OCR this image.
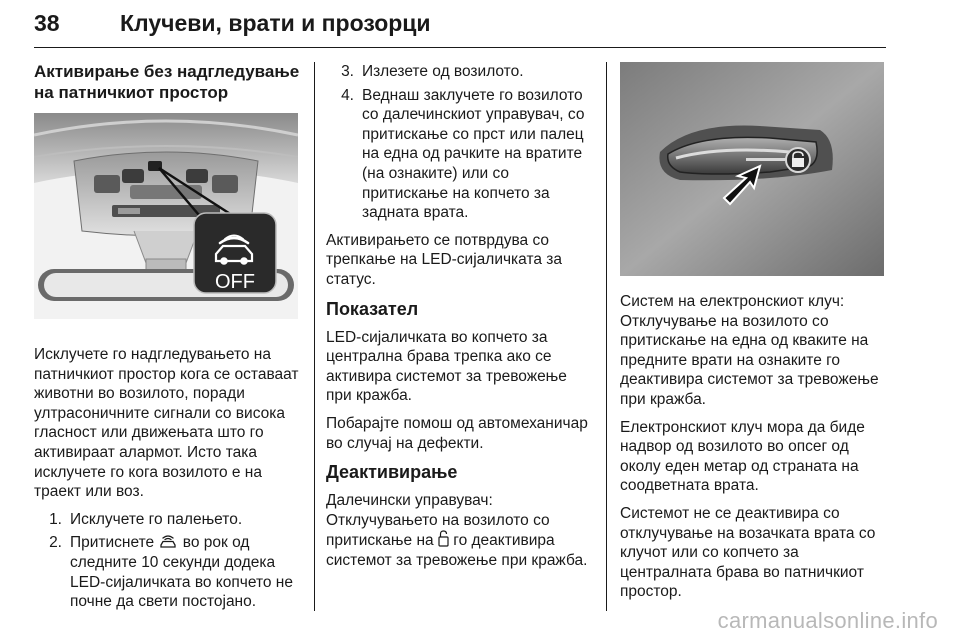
38	Клучеви, врати и прозорци
Активирање без надгледување на патничкиот простор
OFF

Исклучете го надгледувањето на патничкиот простор кога се оставаат животни во возилото, поради ултрасоничните сигнали со висока гласност или движењата што го активираат алармот. Исто така исклучете го кога возилото е на траект или воз.

1. Исклучете го палењето.
2. Притиснете во рок од следните 10 секунди додека LED-сијаличката во копчето не почне да свети постојано.
3. Излезете од возилото.
4. Веднаш заклучете го возилото со далечинскиот управувач, со притискање со прст или палец на една од рачките на вратите (на ознаките) или со притискање на копчето за задната врата.

Активирањето се потврдува со трепкање на LED-сијаличката за статус.

Показател

LED-сијаличката во копчето за централна брава трепка ако се активира системот за тревожење при кражба.

Побарајте помош од автомеханичар во случај на дефекти.

Деактивирање

Далечински управувач:

Отклучувањето на возилото со притискање на го деактивира системот за тревожење при кражба.

Систем на електронскиот клуч: Отклучување на возилото со притискање на една од кваките на предните врати на ознаките го деактивира системот за тревожење при кражба.

Електронскиот клуч мора да биде надвор од возилото во опсег од околу еден метар од страната на соодветната врата.

Системот не се деактивира со отклучување на возачката врата со клучот или со копчето за централната брава во патничкиот простор.

carmanualsonline.info
